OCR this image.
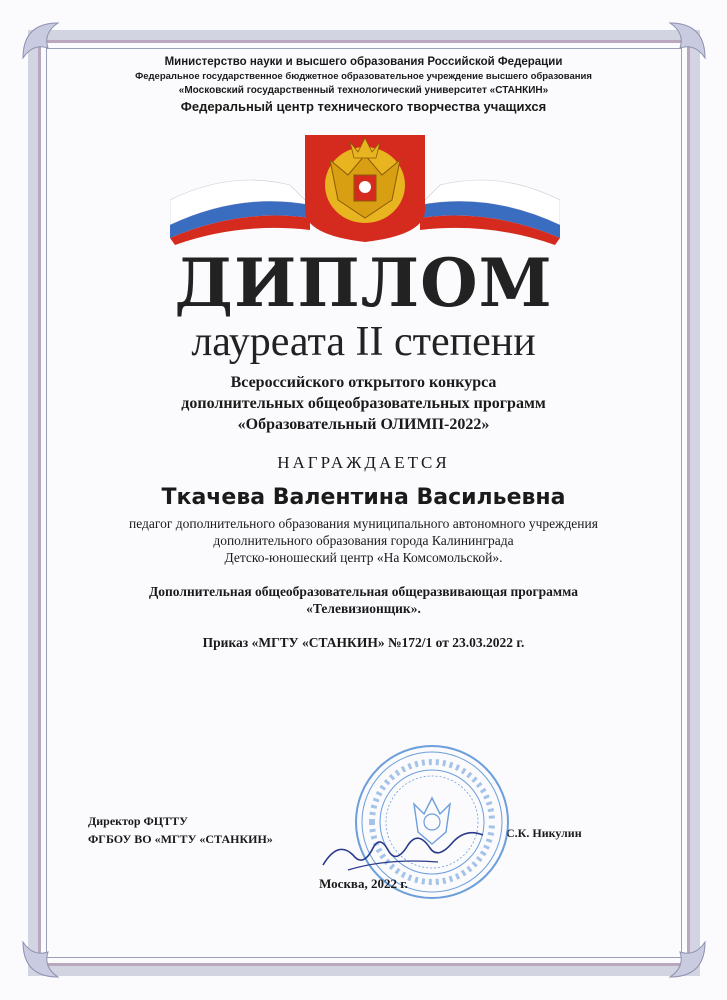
Министерство науки и высшего образования Российской Федерации
Федеральное государственное бюджетное образовательное учреждение высшего образования
«Московский государственный технологический университет «СТАНКИН»
Федеральный центр технического творчества учащихся
ДИПЛОМ
лауреата II степени
Всероссийского открытого конкурса
дополнительных общеобразовательных программ
«Образовательный ОЛИМП-2022»
НАГРАЖДАЕТСЯ
Ткачева Валентина Васильевна
педагог дополнительного образования муниципального автономного учреждения
дополнительного образования города Калининграда
Детско-юношеский центр «На Комсомольской».
Дополнительная общеобразовательная общеразвивающая программа
«Телевизионщик».
Приказ «МГТУ «СТАНКИН» №172/1 от 23.03.2022 г.
Директор ФЦТТУ
ФГБОУ ВО «МГТУ «СТАНКИН»	С.К. Никулин
Москва, 2022 г.
